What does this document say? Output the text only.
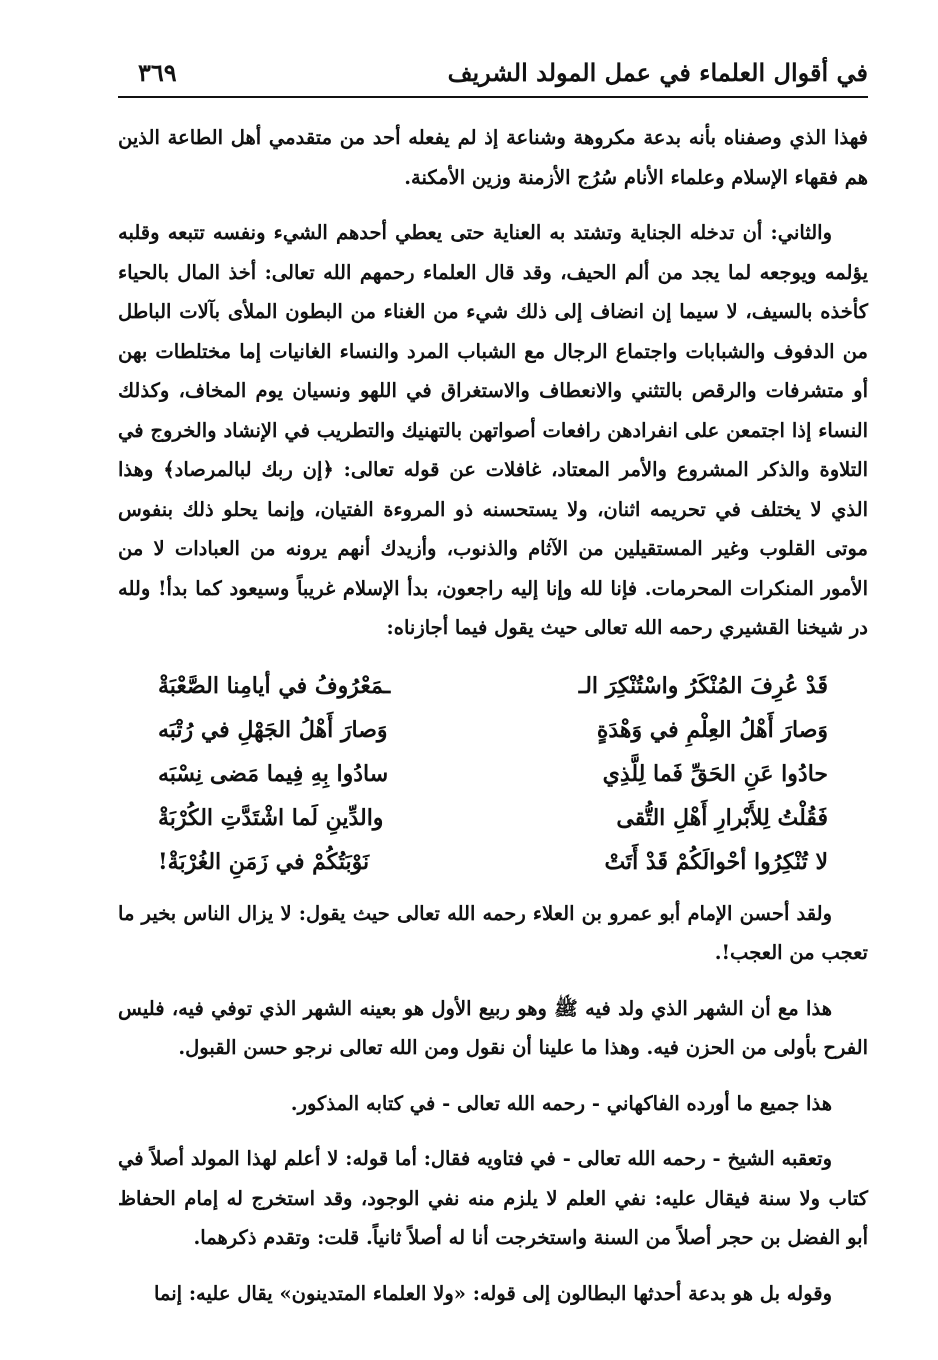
في أقوال العلماء في عمل المولد الشريف
٣٦٩

فهذا الذي وصفناه بأنه بدعة مكروهة وشناعة إذ لم يفعله أحد من متقدمي أهل الطاعة الذين هم فقهاء الإسلام وعلماء الأنام سُرُج الأزمنة وزين الأمكنة.

والثاني: أن تدخله الجناية وتشتد به العناية حتى يعطي أحدهم الشيء ونفسه تتبعه وقلبه يؤلمه ويوجعه لما يجد من ألم الحيف، وقد قال العلماء رحمهم الله تعالى: أخذ المال بالحياء كأخذه بالسيف، لا سيما إن انضاف إلى ذلك شيء من الغناء من البطون الملأى بآلات الباطل من الدفوف والشبابات واجتماع الرجال مع الشباب المرد والنساء الغانيات إما مختلطات بهن أو متشرفات والرقص بالتثني والانعطاف والاستغراق في اللهو ونسيان يوم المخاف، وكذلك النساء إذا اجتمعن على انفرادهن رافعات أصواتهن بالتهنيك والتطريب في الإنشاد والخروج في التلاوة والذكر المشروع والأمر المعتاد، غافلات عن قوله تعالى: ﴿إن ربك لبالمرصاد﴾ وهذا الذي لا يختلف في تحريمه اثنان، ولا يستحسنه ذو المروءة الفتيان، وإنما يحلو ذلك بنفوس موتى القلوب وغير المستقيلين من الآثام والذنوب، وأزيدك أنهم يرونه من العبادات لا من الأمور المنكرات المحرمات. فإنا لله وإنا إليه راجعون، بدأ الإسلام غريباً وسيعود كما بدأ! ولله در شيخنا القشيري رحمه الله تعالى حيث يقول فيما أجازناه:

قَدْ عُرِفَ المُنْكَرُ واسْتُنْكِرَ الـ
ـمَعْرُوفُ في أيامِنا الصَّعْبَةْ
وَصارَ أَهْلُ العِلْمِ في وَهْدَةٍ
وَصارَ أَهْلُ الجَهْلِ في رُتْبَه
حادُوا عَنِ الحَقِّ فَما لِلَّذِي
سادُوا بِهِ فِيما مَضى نِسْبَه
فَقُلْتُ لِلأَبْرارِ أَهْلِ التُّقى
والدِّينِ لَما اشْتَدَّتِ الكُرْبَةْ
لا تُنْكِرُوا أحْوالَكُمْ قَدْ أَتَتْ
نَوْبَتُكُمْ في زَمَنِ الغُرْبَةْ!

ولقد أحسن الإمام أبو عمرو بن العلاء رحمه الله تعالى حيث يقول: لا يزال الناس بخير ما تعجب من العجب!.

هذا مع أن الشهر الذي ولد فيه ﷺ وهو ربيع الأول هو بعينه الشهر الذي توفي فيه، فليس الفرح بأولى من الحزن فيه. وهذا ما علينا أن نقول ومن الله تعالى نرجو حسن القبول.

هذا جميع ما أورده الفاكهاني - رحمه الله تعالى - في كتابه المذكور.

وتعقبه الشيخ - رحمه الله تعالى - في فتاويه فقال: أما قوله: لا أعلم لهذا المولد أصلاً في كتاب ولا سنة فيقال عليه: نفي العلم لا يلزم منه نفي الوجود، وقد استخرج له إمام الحفاظ أبو الفضل بن حجر أصلاً من السنة واستخرجت أنا له أصلاً ثانياً. قلت: وتقدم ذكرهما.

وقوله بل هو بدعة أحدثها البطالون إلى قوله: «ولا العلماء المتدينون» يقال عليه: إنما
